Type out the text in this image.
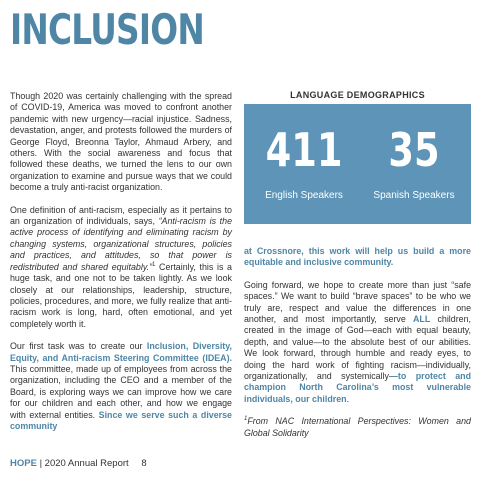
INCLUSION

Though 2020 was certainly challenging with the spread of COVID-19, America was moved to confront another pandemic with new urgency—racial injustice. Sadness, devastation, anger, and protests followed the murders of George Floyd, Breonna Taylor, Ahmaud Arbery, and others. With the social awareness and focus that followed these deaths, we turned the lens to our own organization to examine and pursue ways that we could become a truly anti-racist organization.

One definition of anti-racism, especially as it pertains to an organization of individuals, says, “Anti-racism is the active process of identifying and eliminating racism by changing systems, organizational structures, policies and practices, and attitudes, so that power is redistributed and shared equitably.”$^1$ Certainly, this is a huge task, and one not to be taken lightly. As we look closely at our relationships, leadership, structure, policies, procedures, and more, we fully realize that anti-racism work is long, hard, often emotional, and yet completely worth it.

Our first task was to create our Inclusion, Diversity, Equity, and Anti-racism Steering Committee (IDEA). This committee, made up of employees from across the organization, including the CEO and a member of the Board, is exploring ways we can improve how we care for our children and each other, and how we engage with external entities. Since we serve such a diverse community

LANGUAGE DEMOGRAPHICS
411
English Speakers
35
Spanish Speakers

at Crossnore, this work will help us build a more equitable and inclusive community.

Going forward, we hope to create more than just “safe spaces.” We want to build “brave spaces” to be who we truly are, respect and value the differences in one another, and most importantly, serve ALL children, created in the image of God—each with equal beauty, depth, and value—to the absolute best of our abilities. We look forward, through humble and ready eyes, to doing the hard work of fighting racism—individually, organizationally, and systemically—to protect and champion North Carolina’s most vulnerable individuals, our children.

$^1$From NAC International Perspectives: Women and Global Solidarity

HOPE | 2020 Annual Report 8
